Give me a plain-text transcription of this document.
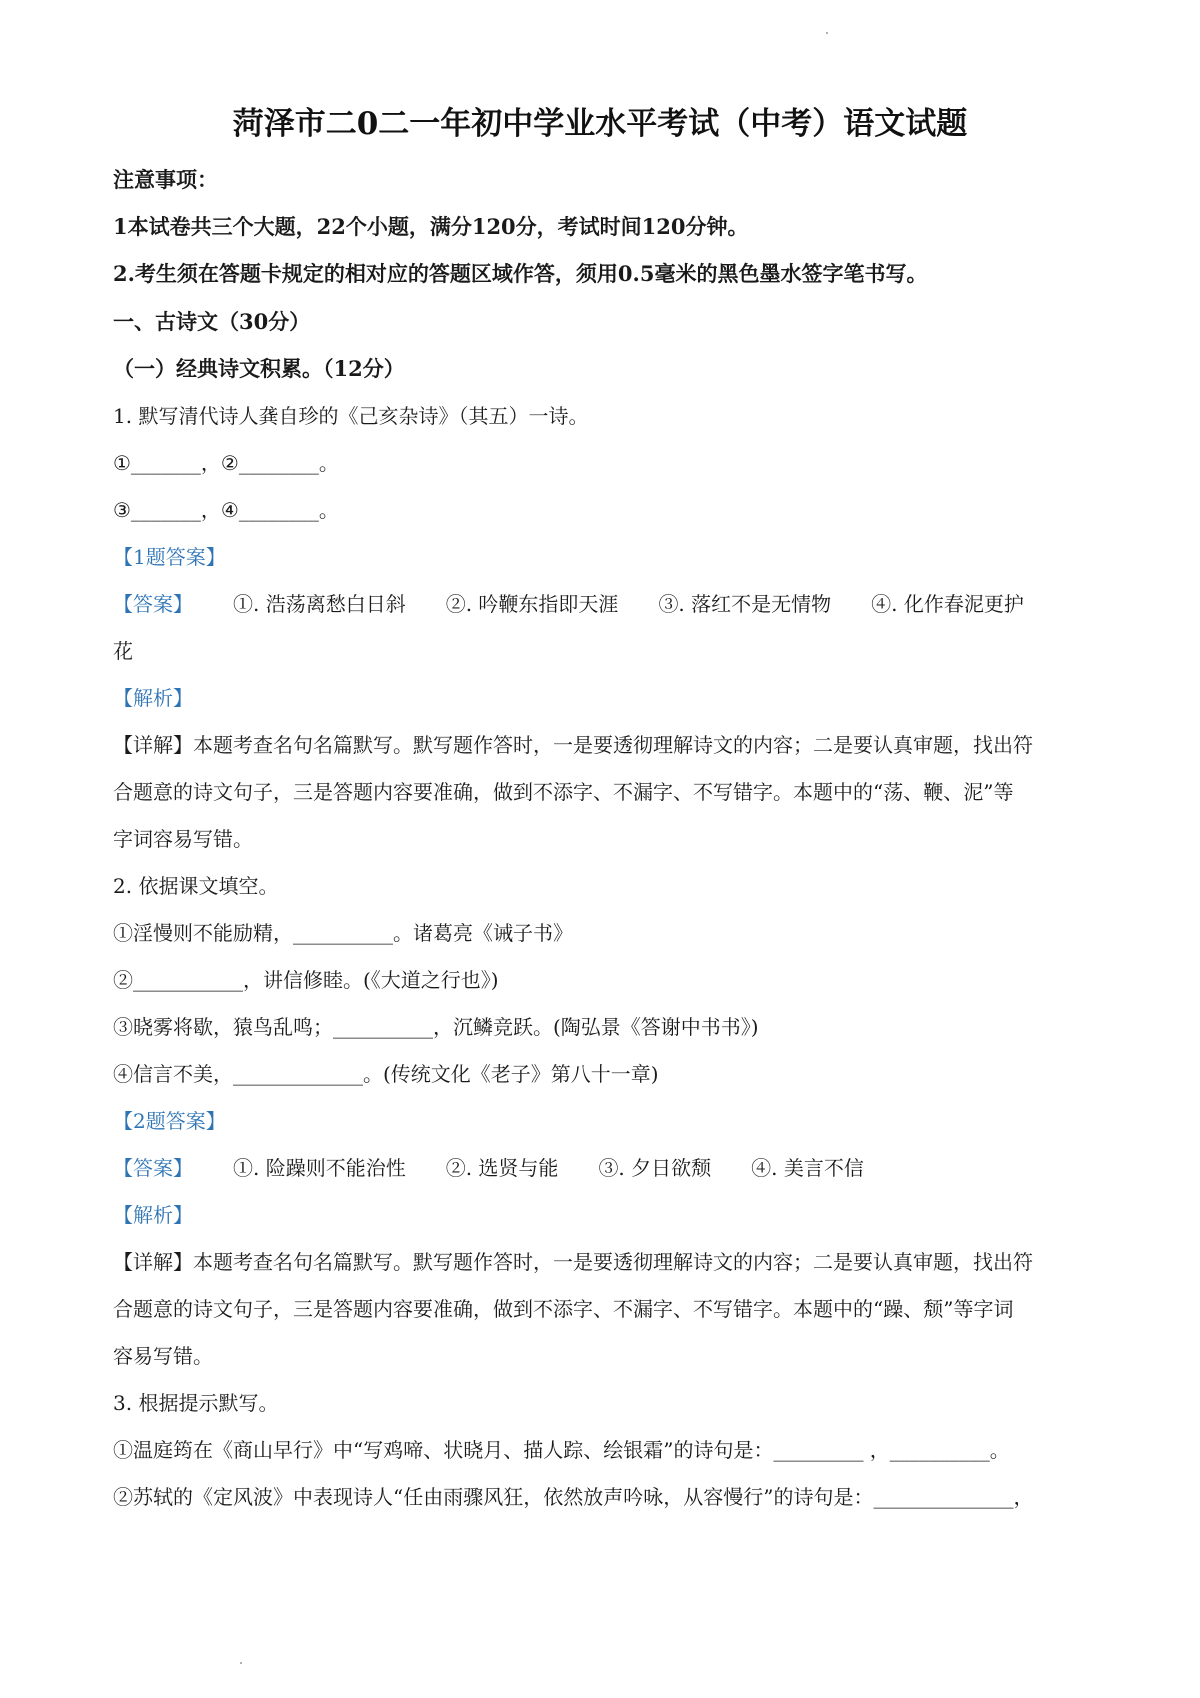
菏泽市二0二一年初中学业水平考试（中考）语文试题
注意事项：
1本试卷共三个大题，22个小题，满分120分，考试时间120分钟。
2.考生须在答题卡规定的相对应的答题区域作答，须用0.5毫米的黑色墨水签字笔书写。
一、古诗文（30分）
（一）经典诗文积累。（12分）
1. 默写清代诗人龚自珍的《己亥杂诗》（其五）一诗。
①_______，②________。
③_______，④________。
【1题答案】
【答案】 ①. 浩荡离愁白日斜 ②. 吟鞭东指即天涯 ③. 落红不是无情物 ④. 化作春泥更护
花
【解析】
【详解】本题考查名句名篇默写。默写题作答时，一是要透彻理解诗文的内容；二是要认真审题，找出符
合题意的诗文句子，三是答题内容要准确，做到不添字、不漏字、不写错字。本题中的“荡、鞭、泥”等
字词容易写错。
2. 依据课文填空。
①淫慢则不能励精，__________。诸葛亮《诫子书》
②___________，讲信修睦。(《大道之行也》)
③晓雾将歇，猿鸟乱鸣；__________，沉鳞竞跃。(陶弘景《答谢中书书》)
④信言不美，_____________。(传统文化《老子》第八十一章)
【2题答案】
【答案】 ①. 险躁则不能治性 ②. 选贤与能 ③. 夕日欲颓 ④. 美言不信
【解析】
【详解】本题考查名句名篇默写。默写题作答时，一是要透彻理解诗文的内容；二是要认真审题，找出符
合题意的诗文句子，三是答题内容要准确，做到不添字、不漏字、不写错字。本题中的“躁、颓”等字词
容易写错。
3. 根据提示默写。
①温庭筠在《商山早行》中“写鸡啼、状晓月、描人踪、绘银霜”的诗句是：_________ ，__________。
②苏轼的《定风波》中表现诗人“任由雨骤风狂，依然放声吟咏，从容慢行”的诗句是：______________，
